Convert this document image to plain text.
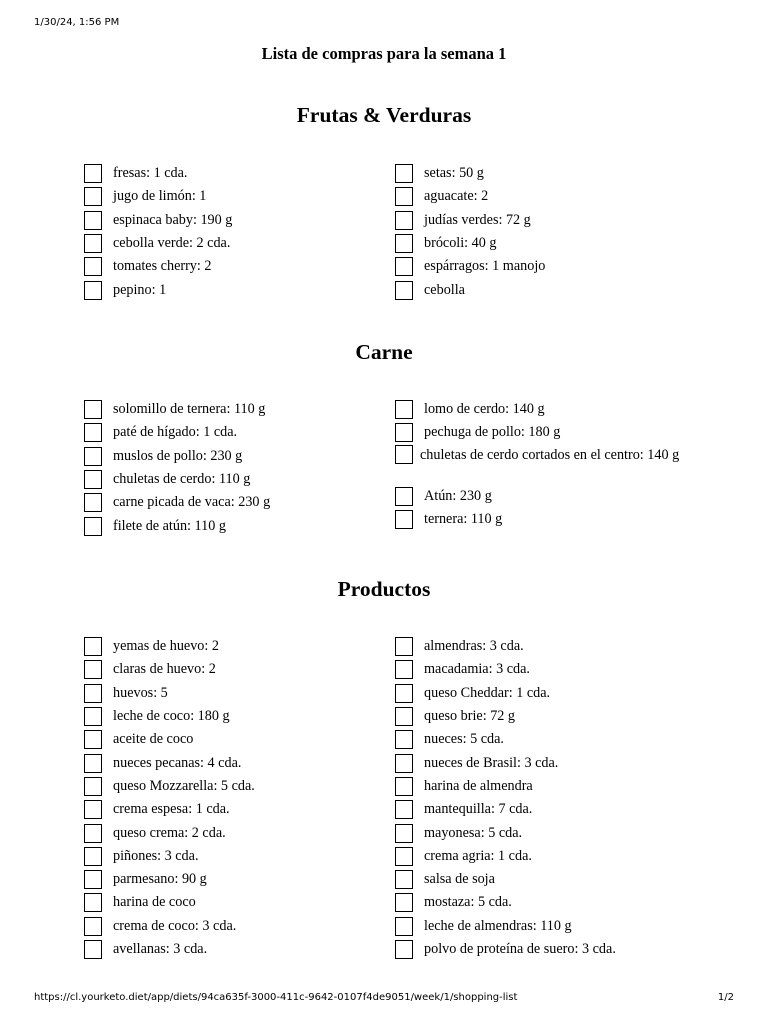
1/30/24, 1:56 PM
Lista de compras para la semana 1
Frutas & Verduras
fresas: 1 cda.
jugo de limón: 1
espinaca baby: 190 g
cebolla verde: 2 cda.
tomates cherry: 2
pepino: 1
setas: 50 g
aguacate: 2
judías verdes: 72 g
brócoli: 40 g
espárragos: 1 manojo
cebolla
Carne
solomillo de ternera: 110 g
paté de hígado: 1 cda.
muslos de pollo: 230 g
chuletas de cerdo: 110 g
carne picada de vaca: 230 g
filete de atún: 110 g
lomo de cerdo: 140 g
pechuga de pollo: 180 g
chuletas de cerdo cortados en el centro: 140 g
Atún: 230 g
ternera: 110 g
Productos
yemas de huevo: 2
claras de huevo: 2
huevos: 5
leche de coco: 180 g
aceite de coco
nueces pecanas: 4 cda.
queso Mozzarella: 5 cda.
crema espesa: 1 cda.
queso crema: 2 cda.
piñones: 3 cda.
parmesano: 90 g
harina de coco
crema de coco: 3 cda.
avellanas: 3 cda.
almendras: 3 cda.
macadamia: 3 cda.
queso Cheddar: 1 cda.
queso brie: 72 g
nueces: 5 cda.
nueces de Brasil: 3 cda.
harina de almendra
mantequilla: 7 cda.
mayonesa: 5 cda.
crema agria: 1 cda.
salsa de soja
mostaza: 5 cda.
leche de almendras: 110 g
polvo de proteína de suero: 3 cda.
https://cl.yourketo.diet/app/diets/94ca635f-3000-411c-9642-0107f4de9051/week/1/shopping-list	1/2
